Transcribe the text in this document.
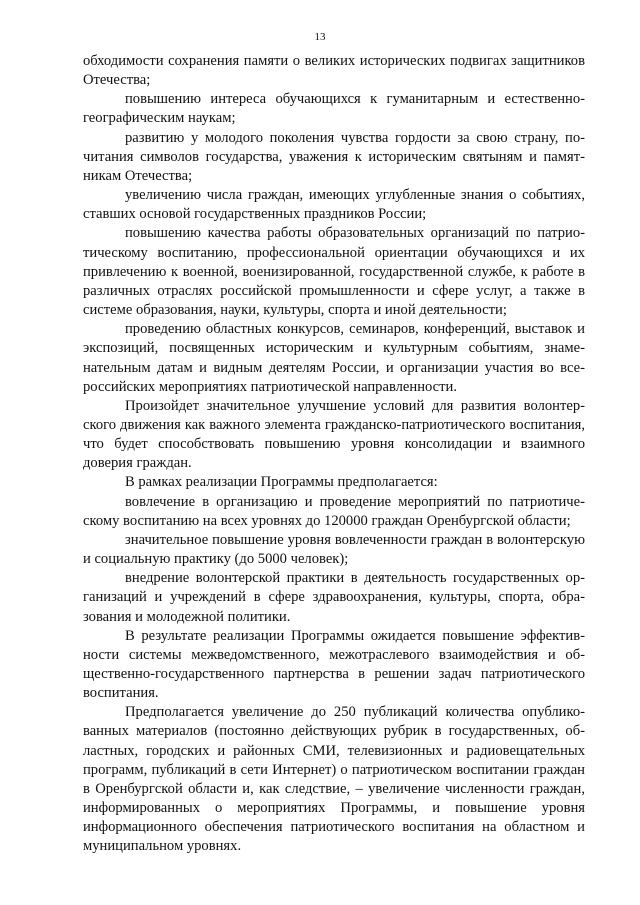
13

обходимости сохранения памяти о великих исторических подвигах защитников Отечества;

повышению интереса обучающихся к гуманитарным и естественно-географическим наукам;

развитию у молодого поколения чувства гордости за свою страну, почитания символов государства, уважения к историческим святыням и памятникам Отечества;

увеличению числа граждан, имеющих углубленные знания о событиях, ставших основой государственных праздников России;

повышению качества работы образовательных организаций по патриотическому воспитанию, профессиональной ориентации обучающихся и их привлечению к военной, военизированной, государственной службе, к работе в различных отраслях российской промышленности и сфере услуг, а также в системе образования, науки, культуры, спорта и иной деятельности;

проведению областных конкурсов, семинаров, конференций, выставок и экспозиций, посвященных историческим и культурным событиям, знаменательным датам и видным деятелям России, и организации участия во всероссийских мероприятиях патриотической направленности.

Произойдет значительное улучшение условий для развития волонтерского движения как важного элемента гражданско-патриотического воспитания, что будет способствовать повышению уровня консолидации и взаимного доверия граждан.

В рамках реализации Программы предполагается:

вовлечение в организацию и проведение мероприятий по патриотическому воспитанию на всех уровнях до 120000 граждан Оренбургской области;

значительное повышение уровня вовлеченности граждан в волонтерскую и социальную практику (до 5000 человек);

внедрение волонтерской практики в деятельность государственных организаций и учреждений в сфере здравоохранения, культуры, спорта, образования и молодежной политики.

В результате реализации Программы ожидается повышение эффективности системы межведомственного, межотраслевого взаимодействия и общественно-государственного партнерства в решении задач патриотического воспитания.

Предполагается увеличение до 250 публикаций количества опубликованных материалов (постоянно действующих рубрик в государственных, областных, городских и районных СМИ, телевизионных и радиовещательных программ, публикаций в сети Интернет) о патриотическом воспитании граждан в Оренбургской области и, как следствие, – увеличение численности граждан, информированных о мероприятиях Программы, и повышение уровня информационного обеспечения патриотического воспитания на областном и муниципальном уровнях.
